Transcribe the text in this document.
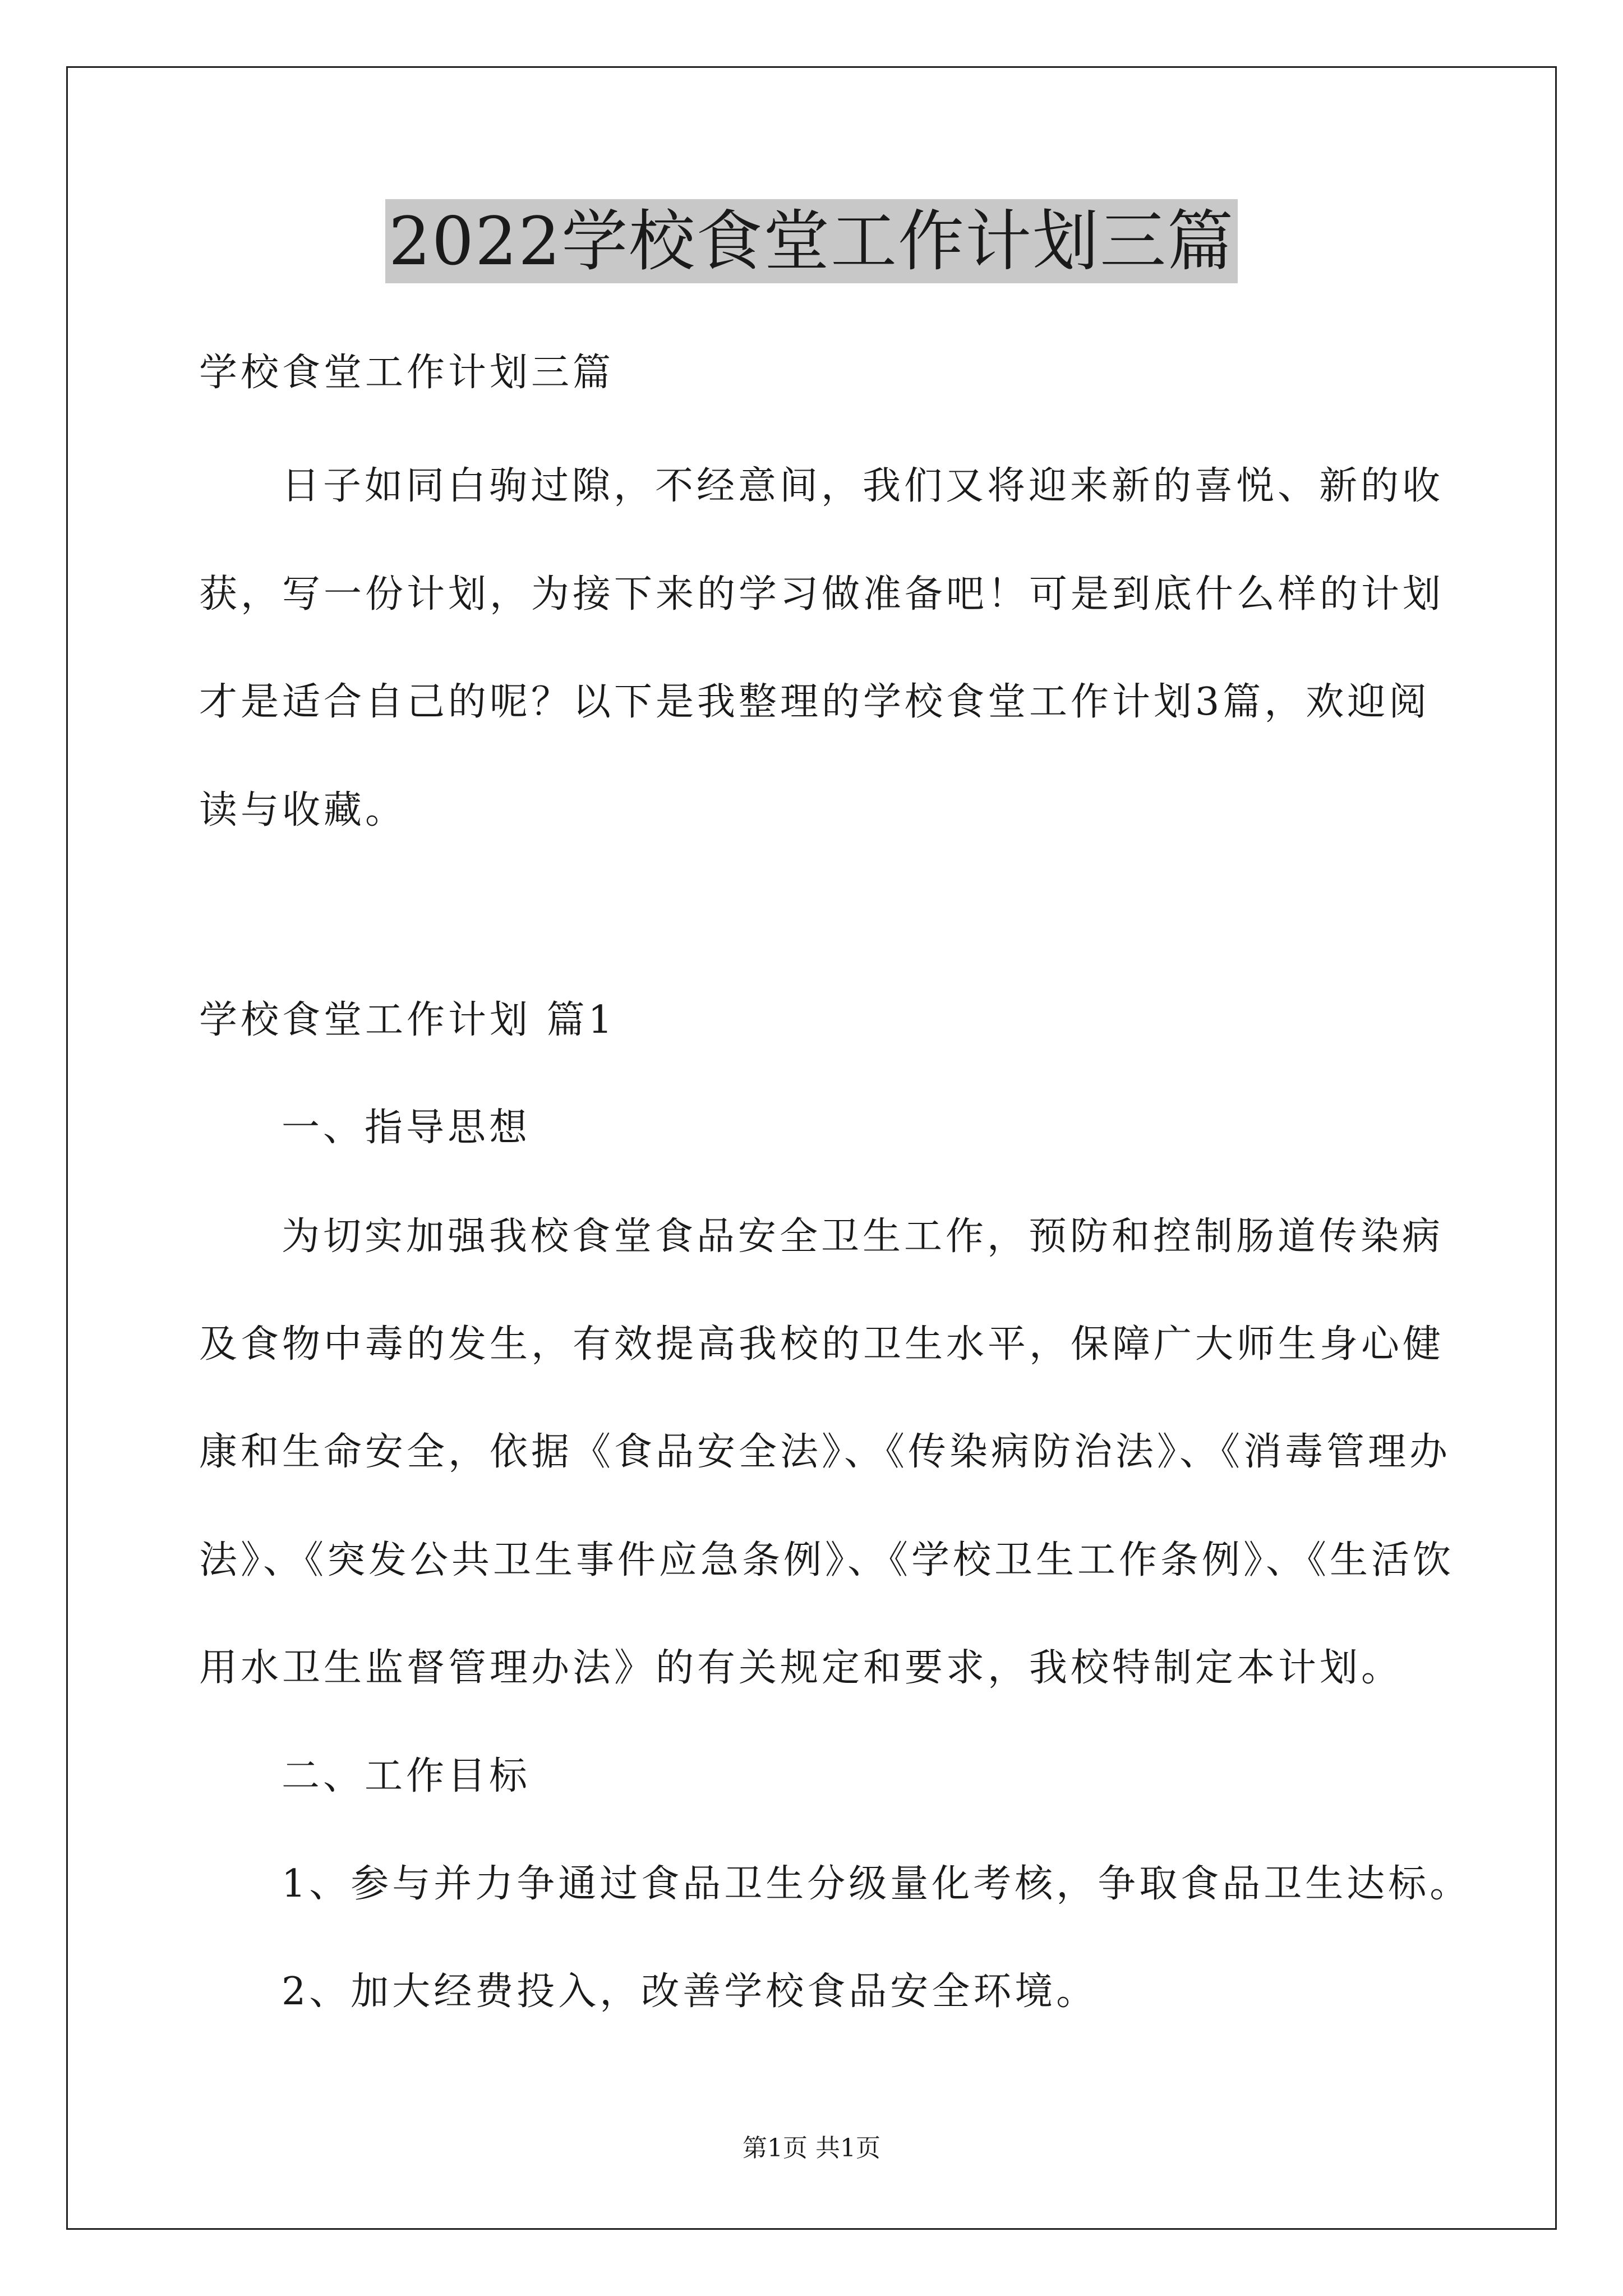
2022学校食堂工作计划三篇
学校食堂工作计划三篇
日子如同白驹过隙，不经意间，我们又将迎来新的喜悦、新的收
获，写一份计划，为接下来的学习做准备吧！可是到底什么样的计划
才是适合自己的呢？以下是我整理的学校食堂工作计划3篇，欢迎阅
读与收藏。
学校食堂工作计划 篇1
一、指导思想
为切实加强我校食堂食品安全卫生工作，预防和控制肠道传染病
及食物中毒的发生，有效提高我校的卫生水平，保障广大师生身心健
康和生命安全，依据《食品安全法》、《传染病防治法》、《消毒管理办
法》、《突发公共卫生事件应急条例》、《学校卫生工作条例》、《生活饮
用水卫生监督管理办法》的有关规定和要求，我校特制定本计划。
二、工作目标
1、参与并力争通过食品卫生分级量化考核，争取食品卫生达标。
2、加大经费投入，改善学校食品安全环境。
第1页 共1页
